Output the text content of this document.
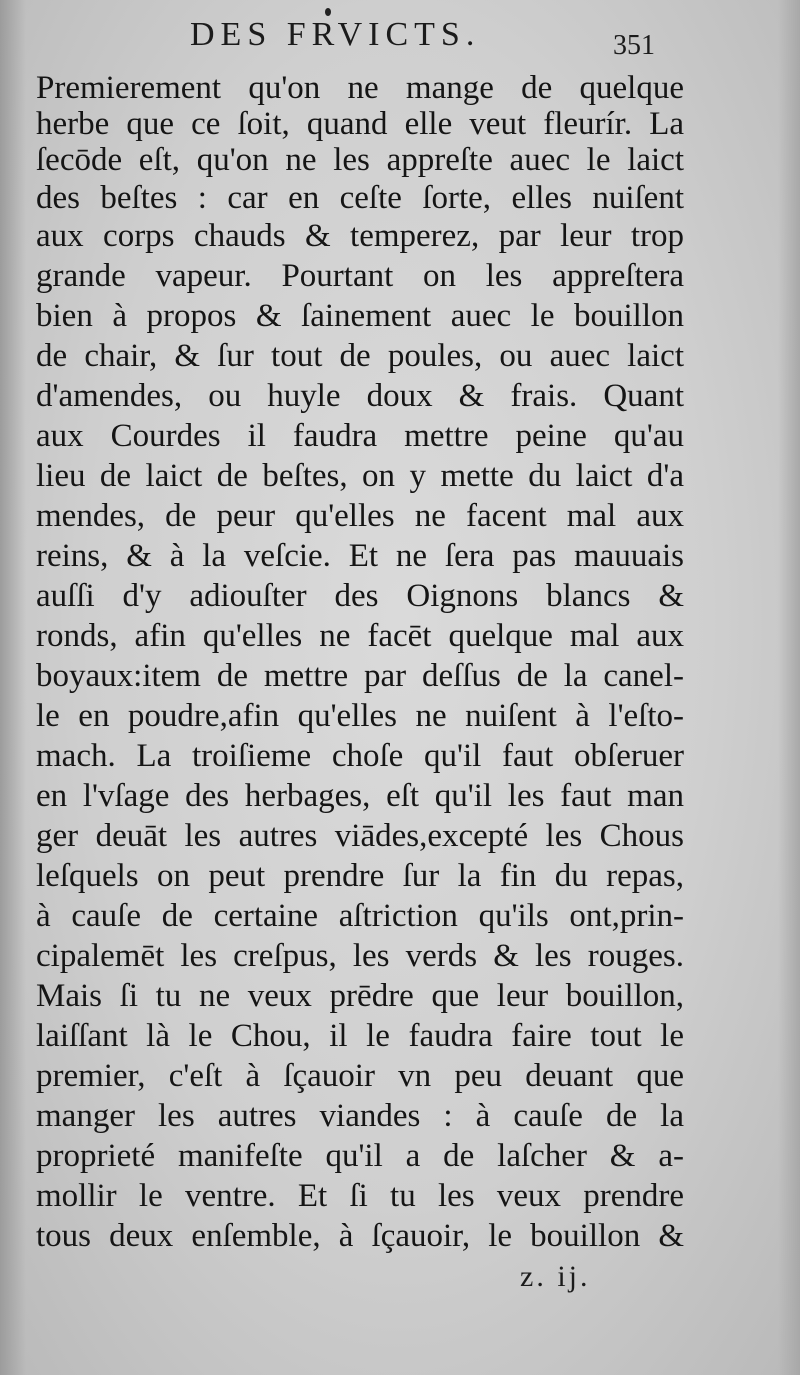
DES FRVICTS.	351
Premierement qu'on ne mange de quelque
herbe que ce ſoit, quand elle veut fleurír. La
ſecōde eſt, qu'on ne les appreſte auec le laict
des beſtes : car en ceſte ſorte, elles nuiſent
aux corps chauds & temperez, par leur trop
grande vapeur. Pourtant on les appreſtera
bien à propos & ſainement auec le bouillon
de chair, & ſur tout de poules, ou auec laict
d'amendes, ou huyle doux & frais. Quant
aux Courdes il faudra mettre peine qu'au
lieu de laict de beſtes, on y mette du laict d'a
mendes, de peur qu'elles ne facent mal aux
reins, & à la veſcie. Et ne ſera pas mauuais
auſſi d'y adiouſter des Oignons blancs &
ronds, afin qu'elles ne facēt quelque mal aux
boyaux:item de mettre par deſſus de la canel-
le en poudre,afin qu'elles ne nuiſent à l'eſto-
mach. La troiſieme choſe qu'il faut obſeruer
en l'vſage des herbages, eſt qu'il les faut man
ger deuāt les autres viādes,excepté les Chous
leſquels on peut prendre ſur la fin du repas,
à cauſe de certaine aſtriction qu'ils ont,prin-
cipalemēt les creſpus, les verds & les rouges.
Mais ſi tu ne veux prēdre que leur bouillon,
laiſſant là le Chou, il le faudra faire tout le
premier, c'eſt à ſçauoir vn peu deuant que
manger les autres viandes : à cauſe de la
proprieté manifeſte qu'il a de laſcher & a-
mollir le ventre. Et ſi tu les veux prendre
tous deux enſemble, à ſçauoir, le bouillon &
z. ij.
